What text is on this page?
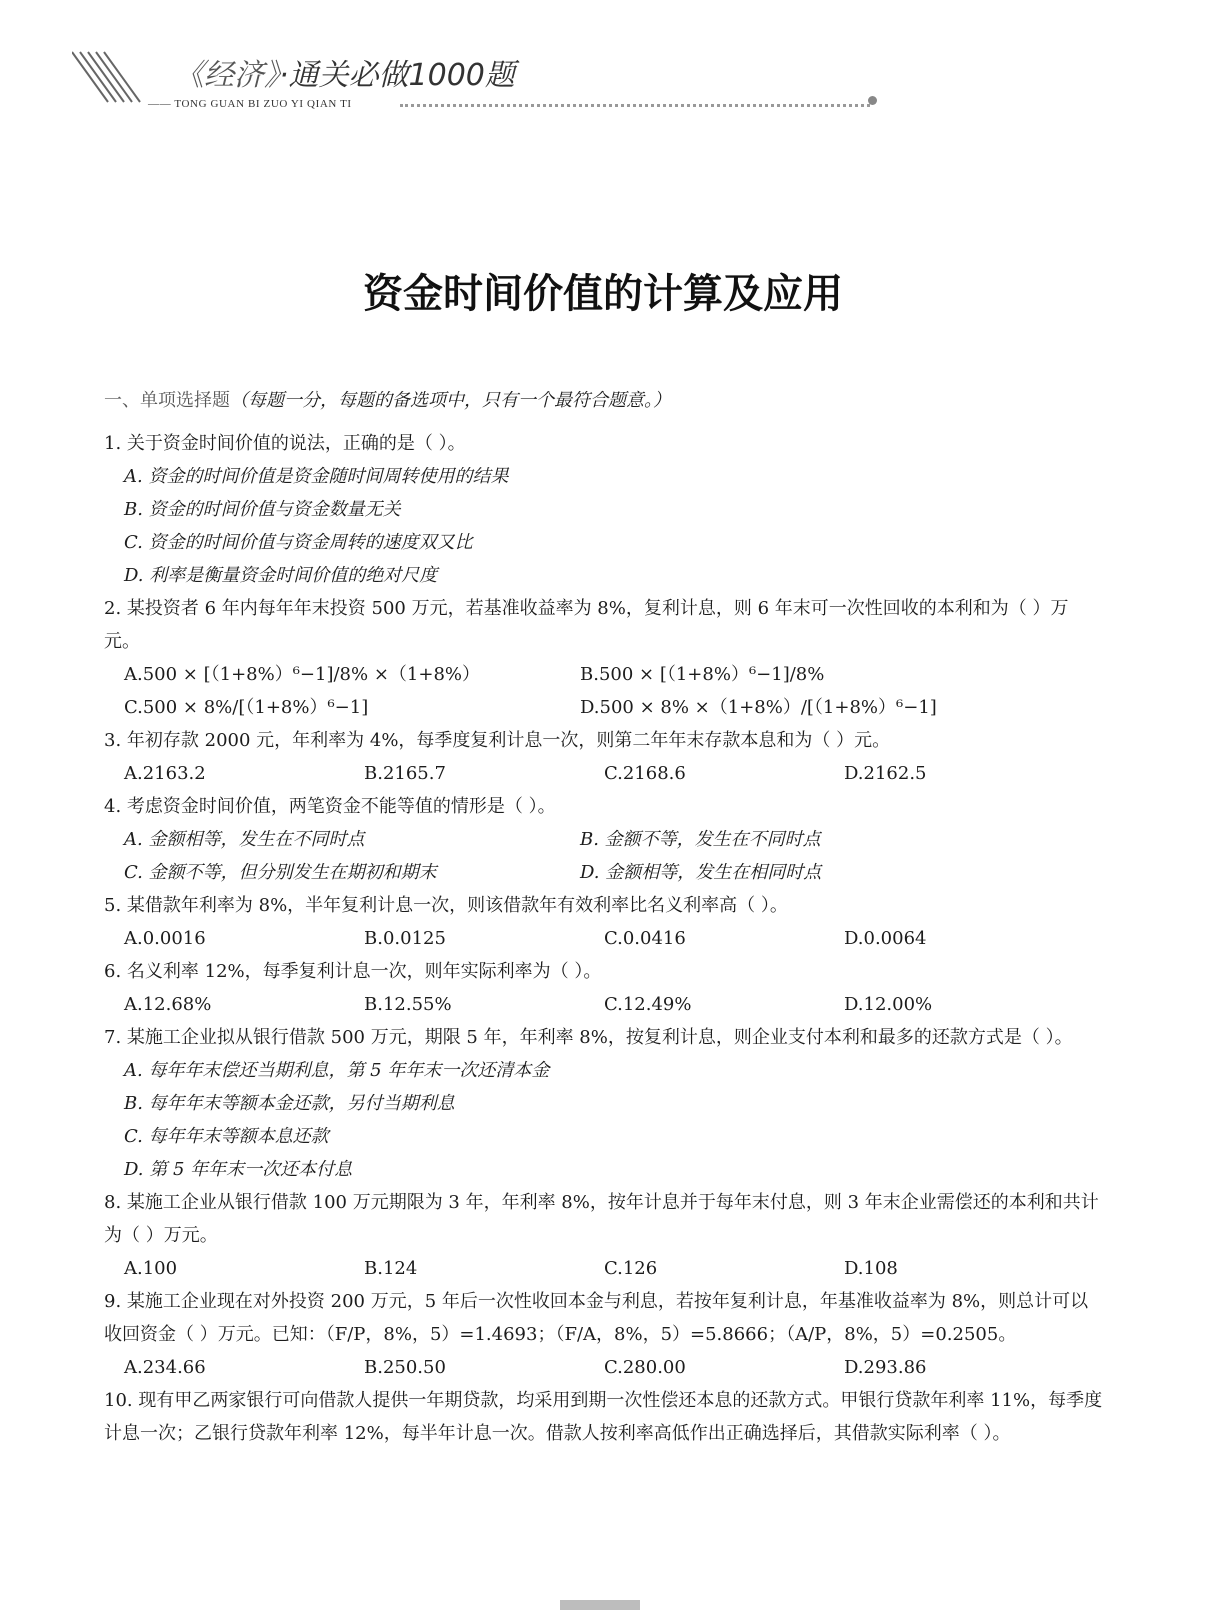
《经济》·通关必做1000题
—— TONG GUAN BI ZUO YI QIAN TI
资金时间价值的计算及应用
一、单项选择题（每题一分，每题的备选项中，只有一个最符合题意。）
1. 关于资金时间价值的说法，正确的是（ ）。
A. 资金的时间价值是资金随时间周转使用的结果
B. 资金的时间价值与资金数量无关
C. 资金的时间价值与资金周转的速度双又比
D. 利率是衡量资金时间价值的绝对尺度
2. 某投资者 6 年内每年年末投资 500 万元，若基准收益率为 8%，复利计息，则 6 年末可一次性回收的本利和为（ ）万元。
A.500 × [（1+8%）⁶−1]/8% ×（1+8%）	B.500 × [（1+8%）⁶−1]/8%
C.500 × 8%/[（1+8%）⁶−1]	D.500 × 8% ×（1+8%）/[（1+8%）⁶−1]
3. 年初存款 2000 元，年利率为 4%，每季度复利计息一次，则第二年年末存款本息和为（ ）元。
A.2163.2	B.2165.7	C.2168.6	D.2162.5
4. 考虑资金时间价值，两笔资金不能等值的情形是（ ）。
A. 金额相等，发生在不同时点	B. 金额不等，发生在不同时点
C. 金额不等，但分别发生在期初和期末	D. 金额相等，发生在相同时点
5. 某借款年利率为 8%，半年复利计息一次，则该借款年有效利率比名义利率高（ ）。
A.0.0016	B.0.0125	C.0.0416	D.0.0064
6. 名义利率 12%，每季复利计息一次，则年实际利率为（ ）。
A.12.68%	B.12.55%	C.12.49%	D.12.00%
7. 某施工企业拟从银行借款 500 万元，期限 5 年，年利率 8%，按复利计息，则企业支付本利和最多的还款方式是（ ）。
A. 每年年末偿还当期利息，第 5 年年末一次还清本金
B. 每年年末等额本金还款，另付当期利息
C. 每年年末等额本息还款
D. 第 5 年年末一次还本付息
8. 某施工企业从银行借款 100 万元期限为 3 年，年利率 8%，按年计息并于每年末付息，则 3 年末企业需偿还的本利和共计为（ ）万元。
A.100	B.124	C.126	D.108
9. 某施工企业现在对外投资 200 万元，5 年后一次性收回本金与利息，若按年复利计息，年基准收益率为 8%，则总计可以收回资金（ ）万元。已知：（F/P，8%，5）=1.4693；（F/A，8%，5）=5.8666；（A/P，8%，5）=0.2505。
A.234.66	B.250.50	C.280.00	D.293.86
10. 现有甲乙两家银行可向借款人提供一年期贷款，均采用到期一次性偿还本息的还款方式。甲银行贷款年利率 11%，每季度计息一次；乙银行贷款年利率 12%，每半年计息一次。借款人按利率高低作出正确选择后，其借款实际利率（ ）。
